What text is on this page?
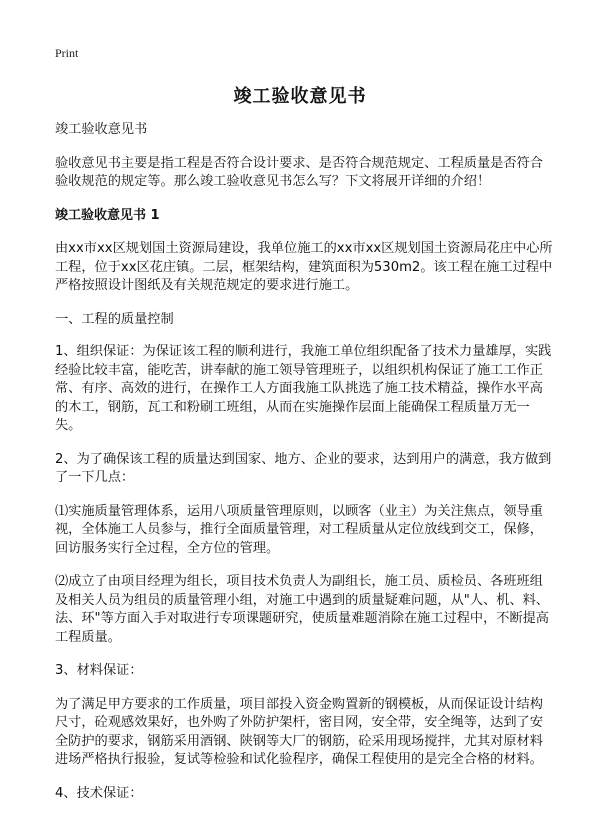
Print
竣工验收意见书

竣工验收意见书

验收意见书主要是指工程是否符合设计要求、是否符合规范规定、工程质量是否符合验收规范的规定等。那么竣工验收意见书怎么写？下文将展开详细的介绍！

竣工验收意见书 1

由xx市xx区规划国土资源局建设，我单位施工的xx市xx区规划国土资源局花庄中心所工程，位于xx区花庄镇。二层，框架结构，建筑面积为530m2。该工程在施工过程中严格按照设计图纸及有关规范规定的要求进行施工。

一、工程的质量控制

1、组织保证：为保证该工程的顺利进行，我施工单位组织配备了技术力量雄厚，实践经验比较丰富，能吃苦，讲奉献的施工领导管理班子，以组织机构保证了施工工作正常、有序、高效的进行，在操作工人方面我施工队挑选了施工技术精益，操作水平高的木工，钢筋，瓦工和粉刷工班组，从而在实施操作层面上能确保工程质量万无一失。

2、为了确保该工程的质量达到国家、地方、企业的要求，达到用户的满意，我方做到了一下几点：

⑴实施质量管理体系，运用八项质量管理原则，以顾客（业主）为关注焦点，领导重视，全体施工人员参与，推行全面质量管理，对工程质量从定位放线到交工，保修，回访服务实行全过程，全方位的管理。

⑵成立了由项目经理为组长，项目技术负责人为副组长，施工员、质检员、各班班组及相关人员为组员的质量管理小组，对施工中遇到的质量疑难问题，从"人、机、料、法、环"等方面入手对取进行专项课题研究，使质量难题消除在施工过程中，不断提高工程质量。

3、材料保证：

为了满足甲方要求的工作质量，项目部投入资金购置新的钢模板，从而保证设计结构尺寸，砼观感效果好，也外购了外防护架杆，密目网，安全带，安全绳等，达到了安全防护的要求，钢筋采用酒钢、陕钢等大厂的钢筋，砼采用现场搅拌，尤其对原材料进场严格执行报验，复试等检验和试化验程序，确保工程使用的是完全合格的材料。

4、技术保证：
